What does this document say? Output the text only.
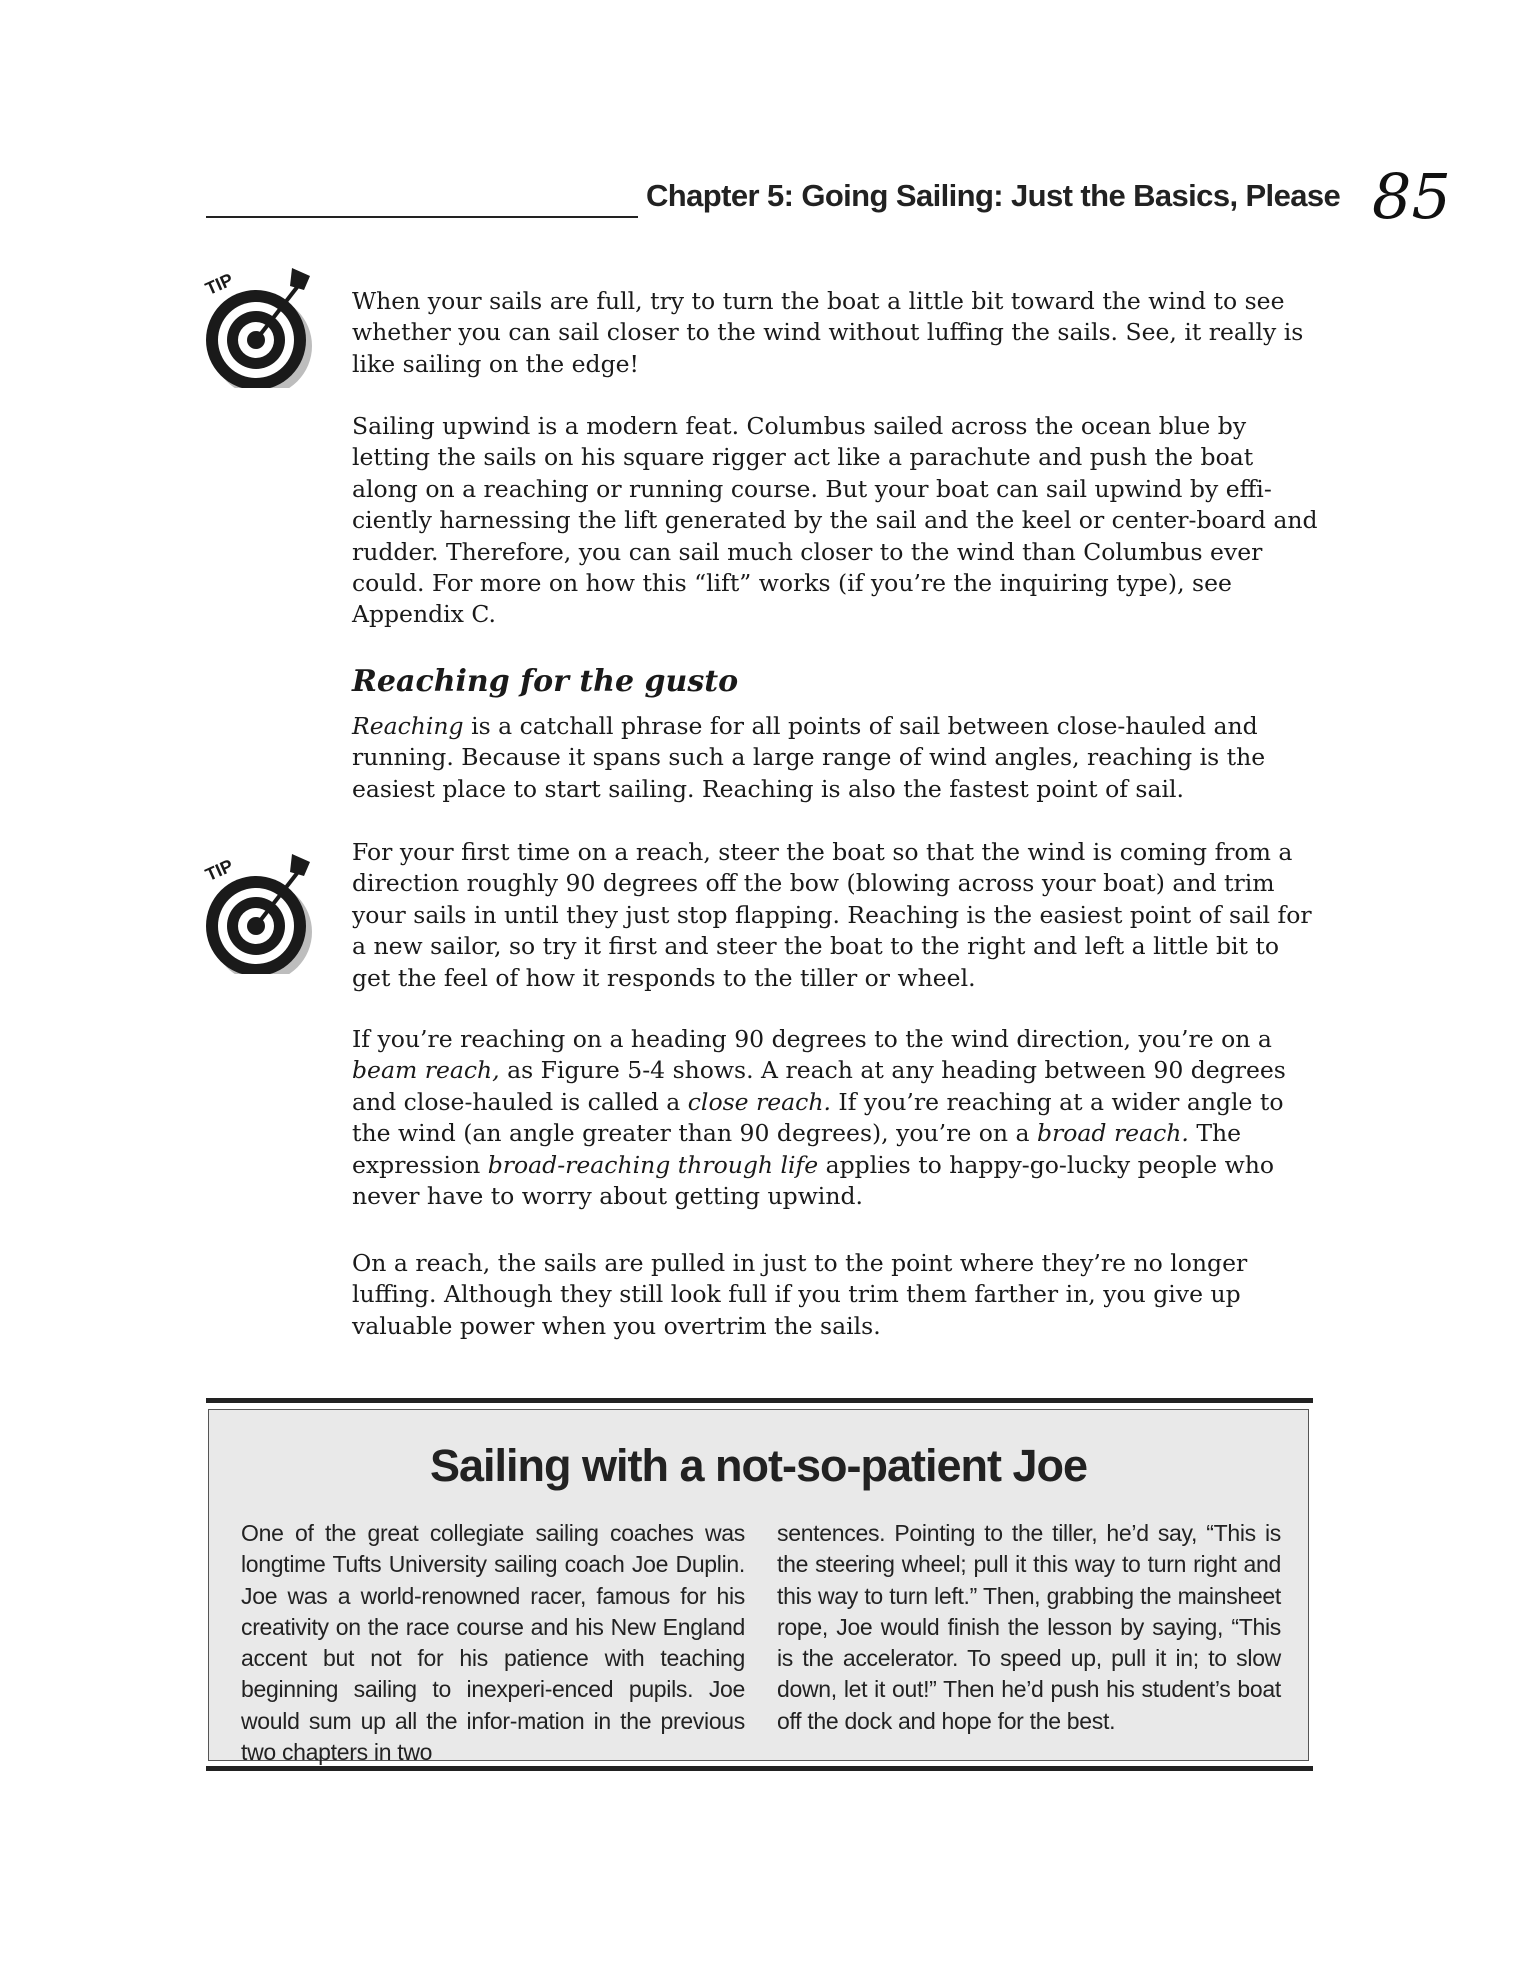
Chapter 5: Going Sailing: Just the Basics, Please 85
TIP

When your sails are full, try to turn the boat a little bit toward the wind to see whether you can sail closer to the wind without luffing the sails. See, it really is like sailing on the edge!

Sailing upwind is a modern feat. Columbus sailed across the ocean blue by letting the sails on his square rigger act like a parachute and push the boat along on a reaching or running course. But your boat can sail upwind by effi-ciently harnessing the lift generated by the sail and the keel or center-board and rudder. Therefore, you can sail much closer to the wind than Columbus ever could. For more on how this “lift” works (if you’re the inquiring type), see Appendix C.

Reaching for the gusto

Reaching is a catchall phrase for all points of sail between close-hauled and running. Because it spans such a large range of wind angles, reaching is the easiest place to start sailing. Reaching is also the fastest point of sail.

TIP

For your first time on a reach, steer the boat so that the wind is coming from a direction roughly 90 degrees off the bow (blowing across your boat) and trim your sails in until they just stop flapping. Reaching is the easiest point of sail for a new sailor, so try it first and steer the boat to the right and left a little bit to get the feel of how it responds to the tiller or wheel.

If you’re reaching on a heading 90 degrees to the wind direction, you’re on a beam reach, as Figure 5-4 shows. A reach at any heading between 90 degrees and close-hauled is called a close reach. If you’re reaching at a wider angle to the wind (an angle greater than 90 degrees), you’re on a broad reach. The expression broad-reaching through life applies to happy-go-lucky people who never have to worry about getting upwind.

On a reach, the sails are pulled in just to the point where they’re no longer luffing. Although they still look full if you trim them farther in, you give up valuable power when you overtrim the sails.

Sailing with a not-so-patient Joe
One of the great collegiate sailing coaches was longtime Tufts University sailing coach Joe Duplin. Joe was a world-renowned racer, famous for his creativity on the race course and his New England accent but not for his patience with teaching beginning sailing to inexperi-enced pupils. Joe would sum up all the infor-mation in the previous two chapters in two
sentences. Pointing to the tiller, he’d say, “This is the steering wheel; pull it this way to turn right and this way to turn left.” Then, grabbing the mainsheet rope, Joe would finish the lesson by saying, “This is the accelerator. To speed up, pull it in; to slow down, let it out!” Then he’d push his student’s boat off the dock and hope for the best.
